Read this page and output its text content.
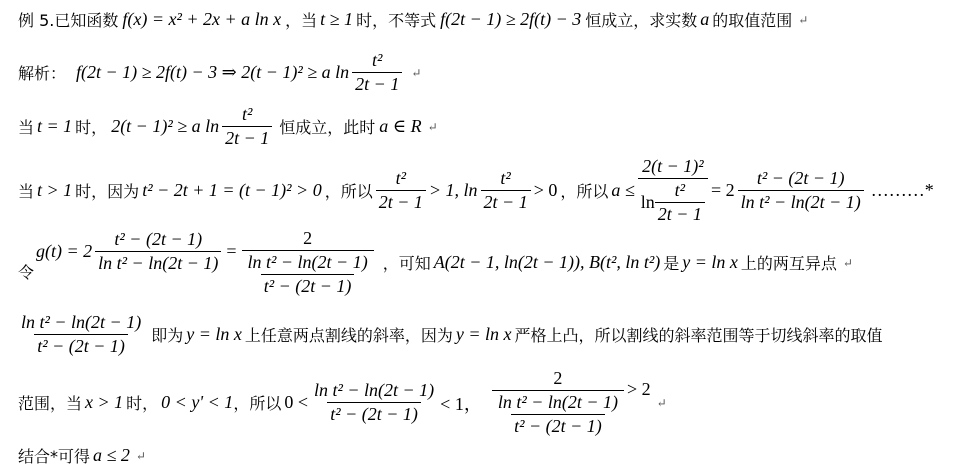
例 5.已知函数 f(x) = x² + 2x + a ln x ，当 t ≥ 1 时，不等式 f(2t − 1) ≥ 2f(t) − 3 恒成立，求实数 a 的取值范围 ↵
解析： f(2t − 1) ≥ 2f(t) − 3 ⇒ 2(t − 1)² ≥ a $\ln \frac{\text{t²}}{2t - 1}$ ↵
当 t = 1 时， 2(t − 1)² ≥ a $\ln \frac{\text{t²}}{2t - 1}$ 恒成立，此时 a ∈ R ↵
当 t > 1 时，因为 t² − 2t + 1 = (t − 1)² > 0 ，所以 $\frac{\text{t²}}{2t - 1} > 1$, $\ln \frac{\text{t²}}{2t - 1} > 0$ ，所以 $a \le \frac{\text{2(t − 1)²}}{\ln \frac{\text{t²}}{2t - 1}} = 2 \frac{\text{t² − (2t − 1)}}{\text{ln t² − ln(2t − 1)}}$ ………*
令
$g(t) = 2 \frac{\text{t² − (2t − 1)}}{\text{ln t² − ln(2t − 1)}} = \frac{2}{\frac{\text{ln t² − ln(2t − 1)}}{\text{t² − (2t − 1)}}}$ ，可知 A(2t − 1, ln(2t − 1)), B(t², ln t²) 是 y = ln x 上的两互异点 ↵
$\frac{\text{ln t² − ln(2t − 1)}}{\text{t² − (2t − 1)}}$ 即为 y = ln x 上任意两点割线的斜率，因为 y = ln x 严格上凸，所以割线的斜率范围等于切线斜率的取值
范围，当 x > 1 时， 0 < y' < 1 ，所以 $0 < \frac{\text{ln t² − ln(2t − 1)}}{\text{t² − (2t − 1)}} < 1$， $\frac{2}{\frac{\text{ln t² − ln(2t − 1)}}{\text{t² − (2t − 1)}}} > 2$
↵
结合*可得 a ≤ 2 ↵
